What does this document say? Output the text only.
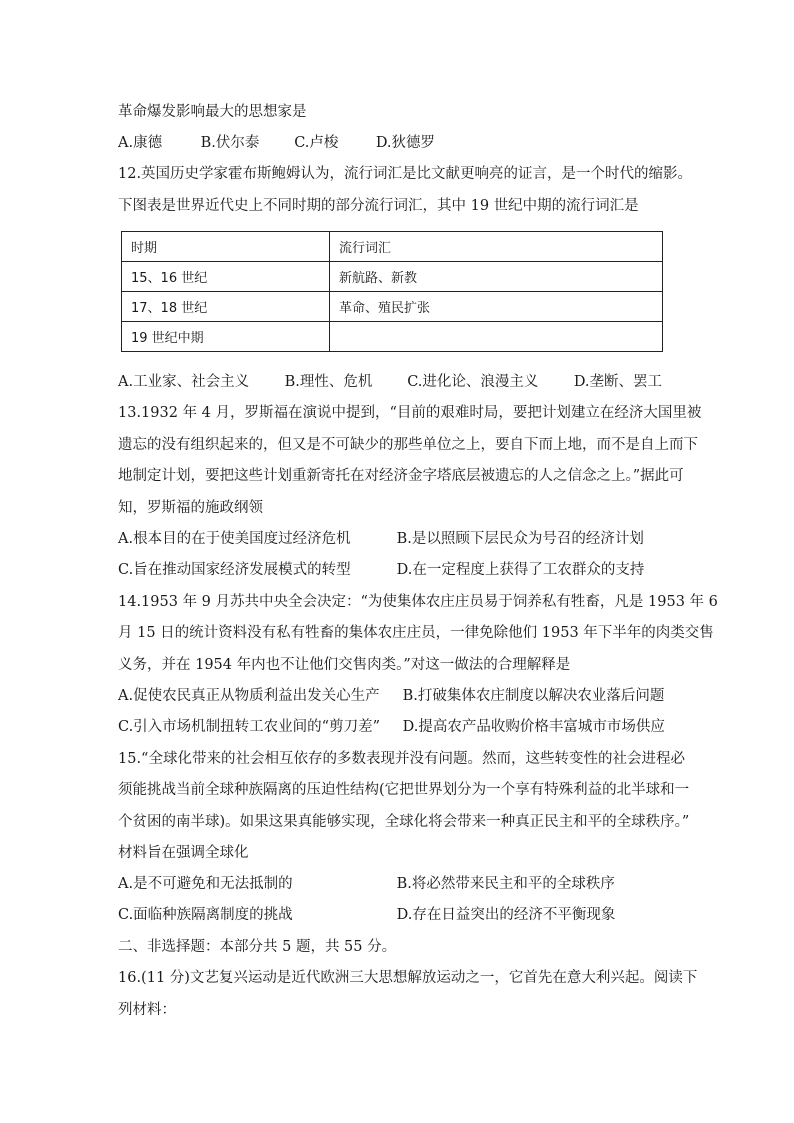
革命爆发影响最大的思想家是
A.康德	B.伏尔泰 C.卢梭	D.狄德罗
12.英国历史学家霍布斯鲍姆认为，流行词汇是比文献更响亮的证言，是一个时代的缩影。
下图表是世界近代史上不同时期的部分流行词汇，其中 19 世纪中期的流行词汇是
时期	流行词汇
15、16 世纪	新航路、新教
17、18 世纪	革命、殖民扩张
19 世纪中期	
A.工业家、社会主义 B.理性、危机 C.进化论、浪漫主义 D.垄断、罢工
13.1932 年 4 月，罗斯福在演说中提到，“目前的艰难时局，要把计划建立在经济大国里被
遗忘的没有组织起来的，但又是不可缺少的那些单位之上，要自下而上地，而不是自上而下
地制定计划，要把这些计划重新寄托在对经济金字塔底层被遗忘的人之信念之上。”据此可
知，罗斯福的施政纲领
A.根本目的在于使美国度过经济危机	B.是以照顾下层民众为号召的经济计划
C.旨在推动国家经济发展模式的转型	D.在一定程度上获得了工农群众的支持
14.1953 年 9 月苏共中央全会决定：“为使集体农庄庄员易于饲养私有牲畜，凡是 1953 年 6
月 15 日的统计资料没有私有牲畜的集体农庄庄员，一律免除他们 1953 年下半年的肉类交售
义务，并在 1954 年内也不让他们交售肉类。”对这一做法的合理解释是
A.促使农民真正从物质利益出发关心生产 B.打破集体农庄制度以解决农业落后问题
C.引入市场机制扭转工农业间的“剪刀差” D.提高农产品收购价格丰富城市市场供应
15.“全球化带来的社会相互依存的多数表现并没有问题。然而，这些转变性的社会进程必
须能挑战当前全球种族隔离的压迫性结构(它把世界划分为一个享有特殊利益的北半球和一
个贫困的南半球)。如果这果真能够实现，全球化将会带来一种真正民主和平的全球秩序。”
材料旨在强调全球化
A.是不可避免和无法抵制的	B.将必然带来民主和平的全球秩序
C.面临种族隔离制度的挑战	D.存在日益突出的经济不平衡现象
二、非选择题：本部分共 5 题，共 55 分。
16.(11 分)文艺复兴运动是近代欧洲三大思想解放运动之一，它首先在意大利兴起。阅读下
列材料：
